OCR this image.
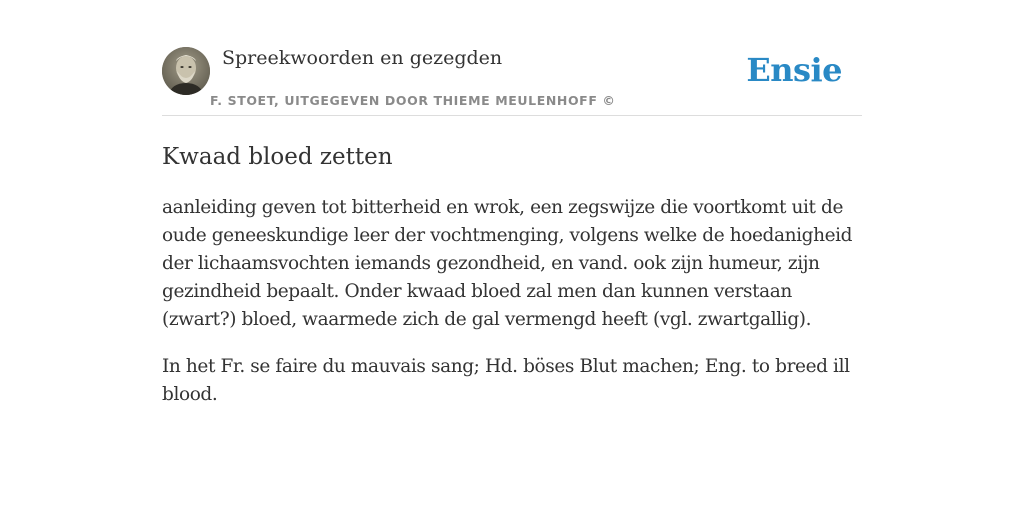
Spreekwoorden en gezegden
F. STOET, UITGEGEVEN DOOR THIEME MEULENHOFF ©
Ensie
Kwaad bloed zetten

aanleiding geven tot bitterheid en wrok, een zegswijze die voortkomt uit de oude geneeskundige leer der vochtmenging, volgens welke de hoedanigheid der lichaamsvochten iemands gezondheid, en vand. ook zijn humeur, zijn gezindheid bepaalt. Onder kwaad bloed zal men dan kunnen verstaan (zwart?) bloed, waarmede zich de gal vermengd heeft (vgl. zwartgallig).

In het Fr. se faire du mauvais sang; Hd. böses Blut machen; Eng. to breed ill blood.
